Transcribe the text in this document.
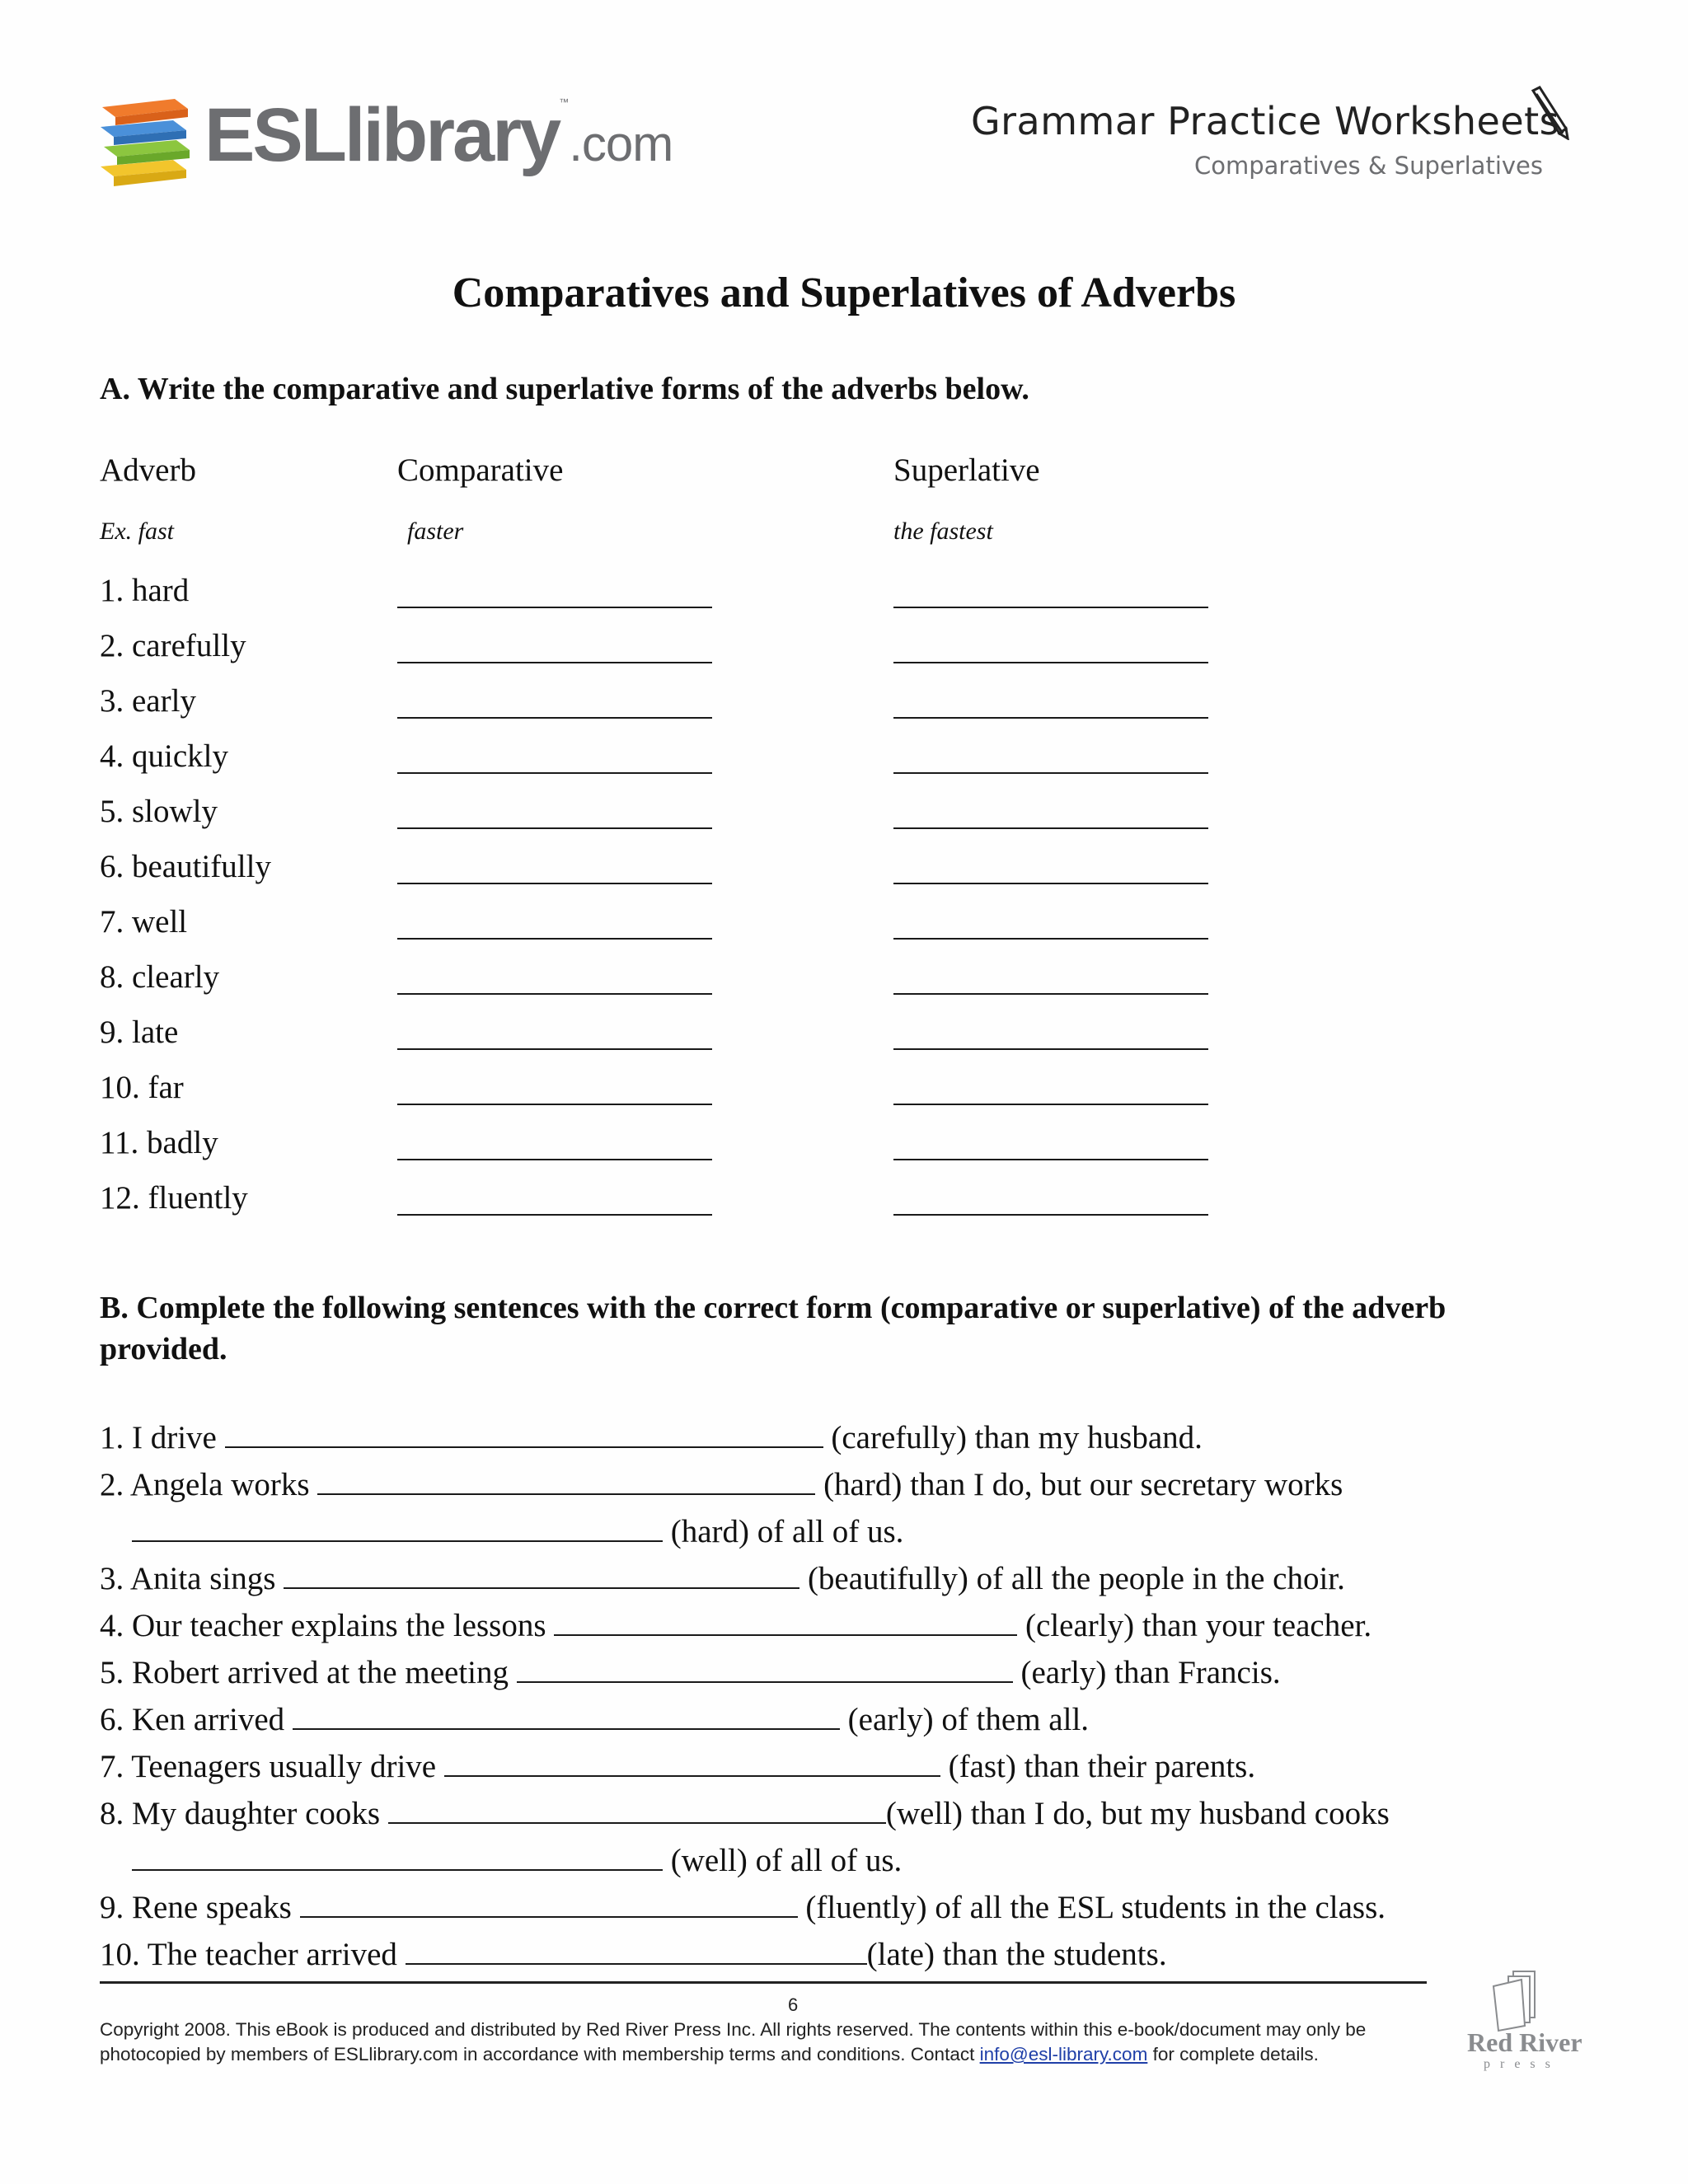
ESLlibrary™.com	Grammar Practice Worksheets
Comparatives & Superlatives
Comparatives and Superlatives of Adverbs
A. Write the comparative and superlative forms of the adverbs below.
Adverb	Comparative	Superlative
Ex. fast	faster	the fastest
1. hard
2. carefully
3. early
4. quickly
5. slowly
6. beautifully
7. well
8. clearly
9. late
10. far
11. badly
12. fluently
B. Complete the following sentences with the correct form (comparative or superlative) of the adverb provided.
1. I drive	(carefully) than my husband.
2. Angela works	(hard) than I do, but our secretary works
(hard) of all of us.
3. Anita sings	(beautifully) of all the people in the choir.
4. Our teacher explains the lessons	(clearly) than your teacher.
5. Robert arrived at the meeting	(early) than Francis.
6. Ken arrived	(early) of them all.
7. Teenagers usually drive	(fast) than their parents.
8. My daughter cooks	(well) than I do, but my husband cooks
(well) of all of us.
9. Rene speaks	(fluently) of all the ESL students in the class.
10. The teacher arrived	(late) than the students.
6
Copyright 2008. This eBook is produced and distributed by Red River Press Inc. All rights reserved. The contents within this e-book/document may only be photocopied by members of ESLlibrary.com in accordance with membership terms and conditions. Contact info@esl-library.com for complete details.	Red River
press
